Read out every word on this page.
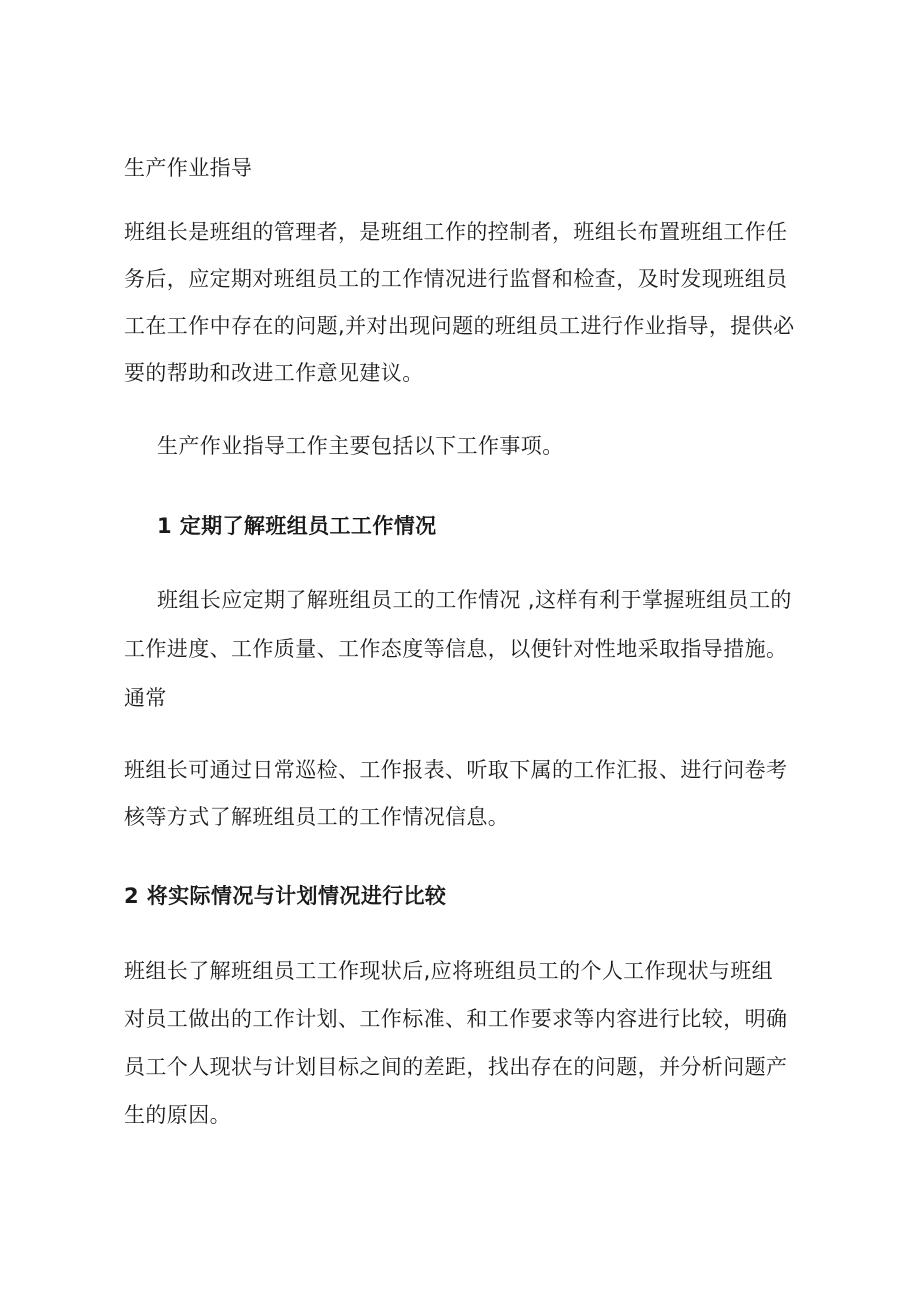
生产作业指导
班组长是班组的管理者，是班组工作的控制者，班组长布置班组工作任
务后，应定期对班组员工的工作情况进行监督和检查，及时发现班组员
工在工作中存在的问题,并对出现问题的班组员工进行作业指导，提供必
要的帮助和改进工作意见建议。
生产作业指导工作主要包括以下工作事项。
1 定期了解班组员工工作情况
班组长应定期了解班组员工的工作情况 ,这样有利于掌握班组员工的
工作进度、工作质量、工作态度等信息，以便针对性地采取指导措施。
通常
班组长可通过日常巡检、工作报表、听取下属的工作汇报、进行问卷考
核等方式了解班组员工的工作情况信息。
2 将实际情况与计划情况进行比较
班组长了解班组员工工作现状后,应将班组员工的个人工作现状与班组
对员工做出的工作计划、工作标准、和工作要求等内容进行比较，明确
员工个人现状与计划目标之间的差距，找出存在的问题，并分析问题产
生的原因。
